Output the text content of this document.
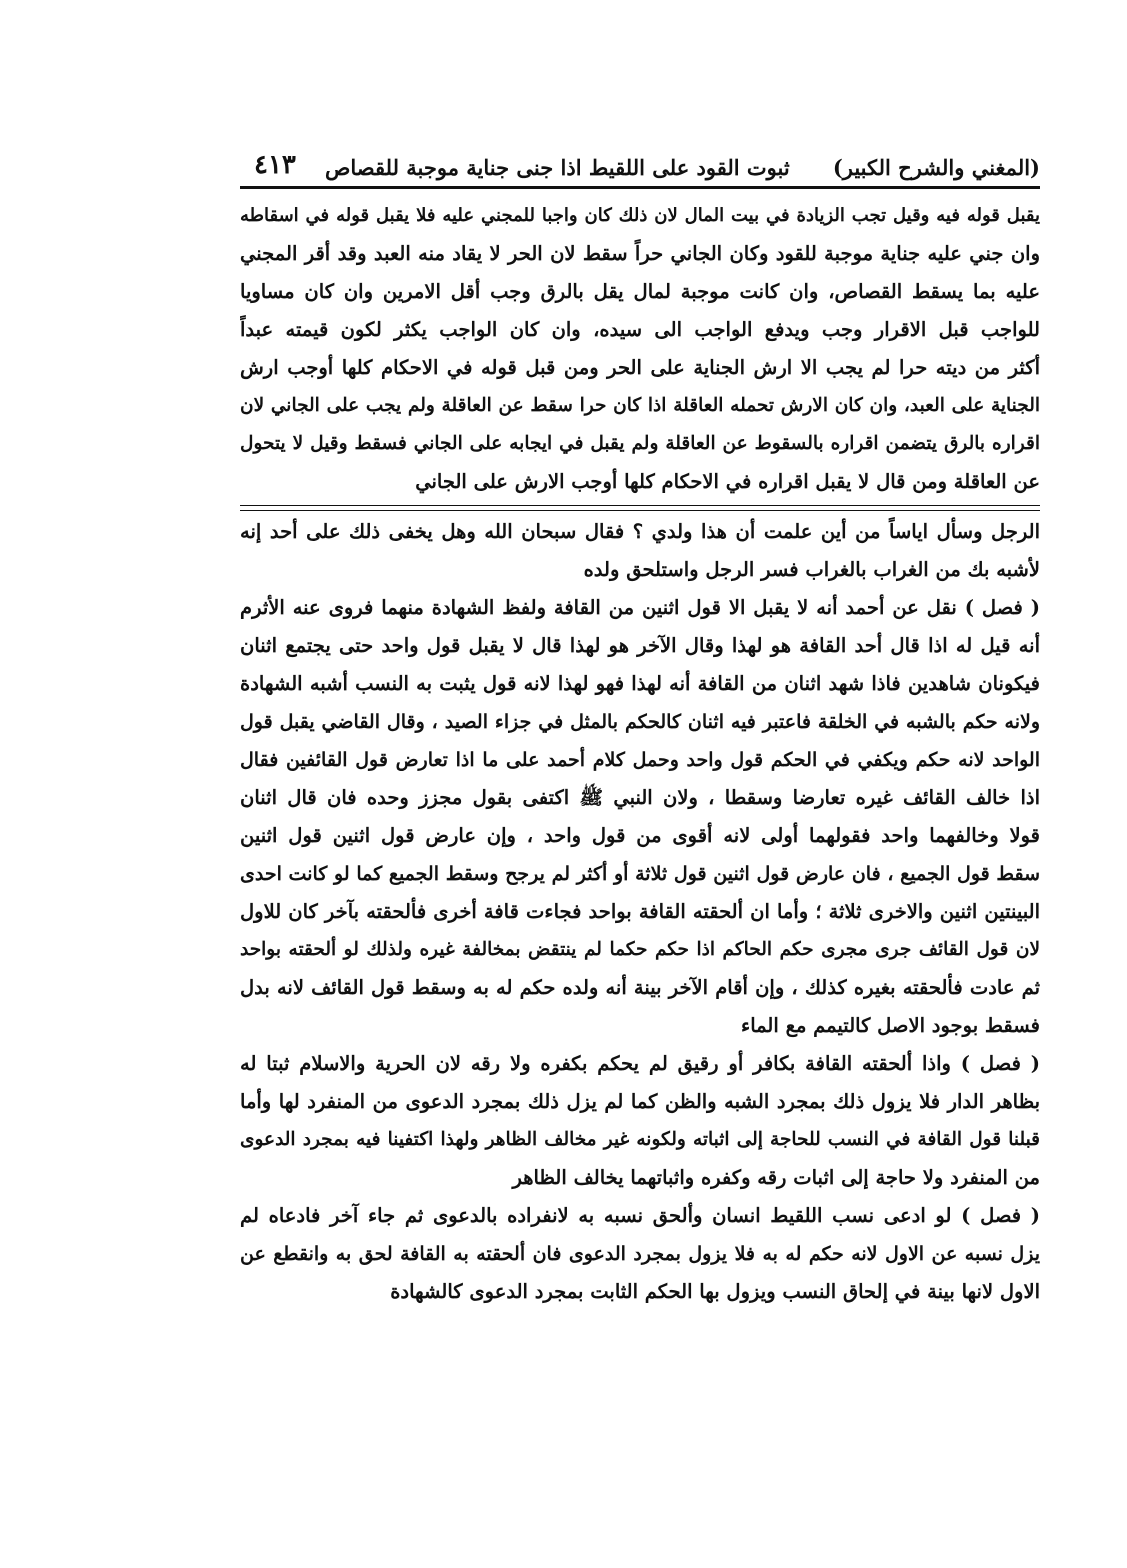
(المغني والشرح الكبير)
ثبوت القود على اللقيط اذا جنى جناية موجبة للقصاص
٤١٣
يقبل قوله فيه وقيل تجب الزيادة في بيت المال لان ذلك كان واجبا للمجني عليه فلا يقبل قوله في اسقاطه
وان جني عليه جناية موجبة للقود وكان الجاني حراً سقط لان الحر لا يقاد منه العبد وقد أقر المجني
عليه بما يسقط القصاص، وان كانت موجبة لمال يقل بالرق وجب أقل الامرين وان كان مساويا
للواجب قبل الاقرار وجب ويدفع الواجب الى سيده، وان كان الواجب يكثر لكون قيمته عبداً
أكثر من ديته حرا لم يجب الا ارش الجناية على الحر ومن قبل قوله في الاحكام كلها أوجب ارش
الجناية على العبد، وان كان الارش تحمله العاقلة اذا كان حرا سقط عن العاقلة ولم يجب على الجاني لان
اقراره بالرق يتضمن اقراره بالسقوط عن العاقلة ولم يقبل في ايجابه على الجاني فسقط وقيل لا يتحول
عن العاقلة ومن قال لا يقبل اقراره في الاحكام كلها أوجب الارش على الجاني
الرجل وسأل اياساً من أين علمت أن هذا ولدي ؟ فقال سبحان الله وهل يخفى ذلك على أحد إنه
لأشبه بك من الغراب بالغراب فسر الرجل واستلحق ولده
( فصل ) نقل عن أحمد أنه لا يقبل الا قول اثنين من القافة ولفظ الشهادة منهما فروى عنه الأثرم
أنه قيل له اذا قال أحد القافة هو لهذا وقال الآخر هو لهذا قال لا يقبل قول واحد حتى يجتمع اثنان
فيكونان شاهدين فاذا شهد اثنان من القافة أنه لهذا فهو لهذا لانه قول يثبت به النسب أشبه الشهادة
ولانه حكم بالشبه في الخلقة فاعتبر فيه اثنان كالحكم بالمثل في جزاء الصيد ، وقال القاضي يقبل قول
الواحد لانه حكم ويكفي في الحكم قول واحد وحمل كلام أحمد على ما اذا تعارض قول القائفين فقال
اذا خالف القائف غيره تعارضا وسقطا ، ولان النبي ﷺ اكتفى بقول مجزز وحده فان قال اثنان
قولا وخالفهما واحد فقولهما أولى لانه أقوى من قول واحد ، وإن عارض قول اثنين قول اثنين
سقط قول الجميع ، فان عارض قول اثنين قول ثلاثة أو أكثر لم يرجح وسقط الجميع كما لو كانت احدى
البينتين اثنين والاخرى ثلاثة ؛ وأما ان ألحقته القافة بواحد فجاءت قافة أخرى فألحقته بآخر كان للاول
لان قول القائف جرى مجرى حكم الحاكم اذا حكم حكما لم ينتقض بمخالفة غيره ولذلك لو ألحقته بواحد
ثم عادت فألحقته بغيره كذلك ، وإن أقام الآخر بينة أنه ولده حكم له به وسقط قول القائف لانه بدل
فسقط بوجود الاصل كالتيمم مع الماء
( فصل ) واذا ألحقته القافة بكافر أو رقيق لم يحكم بكفره ولا رقه لان الحرية والاسلام ثبتا له
بظاهر الدار فلا يزول ذلك بمجرد الشبه والظن كما لم يزل ذلك بمجرد الدعوى من المنفرد لها وأما
قبلنا قول القافة في النسب للحاجة إلى اثباته ولكونه غير مخالف الظاهر ولهذا اكتفينا فيه بمجرد الدعوى
من المنفرد ولا حاجة إلى اثبات رقه وكفره واثباتهما يخالف الظاهر
( فصل ) لو ادعى نسب اللقيط انسان وألحق نسبه به لانفراده بالدعوى ثم جاء آخر فادعاه لم
يزل نسبه عن الاول لانه حكم له به فلا يزول بمجرد الدعوى فان ألحقته به القافة لحق به وانقطع عن
الاول لانها بينة في إلحاق النسب ويزول بها الحكم الثابت بمجرد الدعوى كالشهادة
